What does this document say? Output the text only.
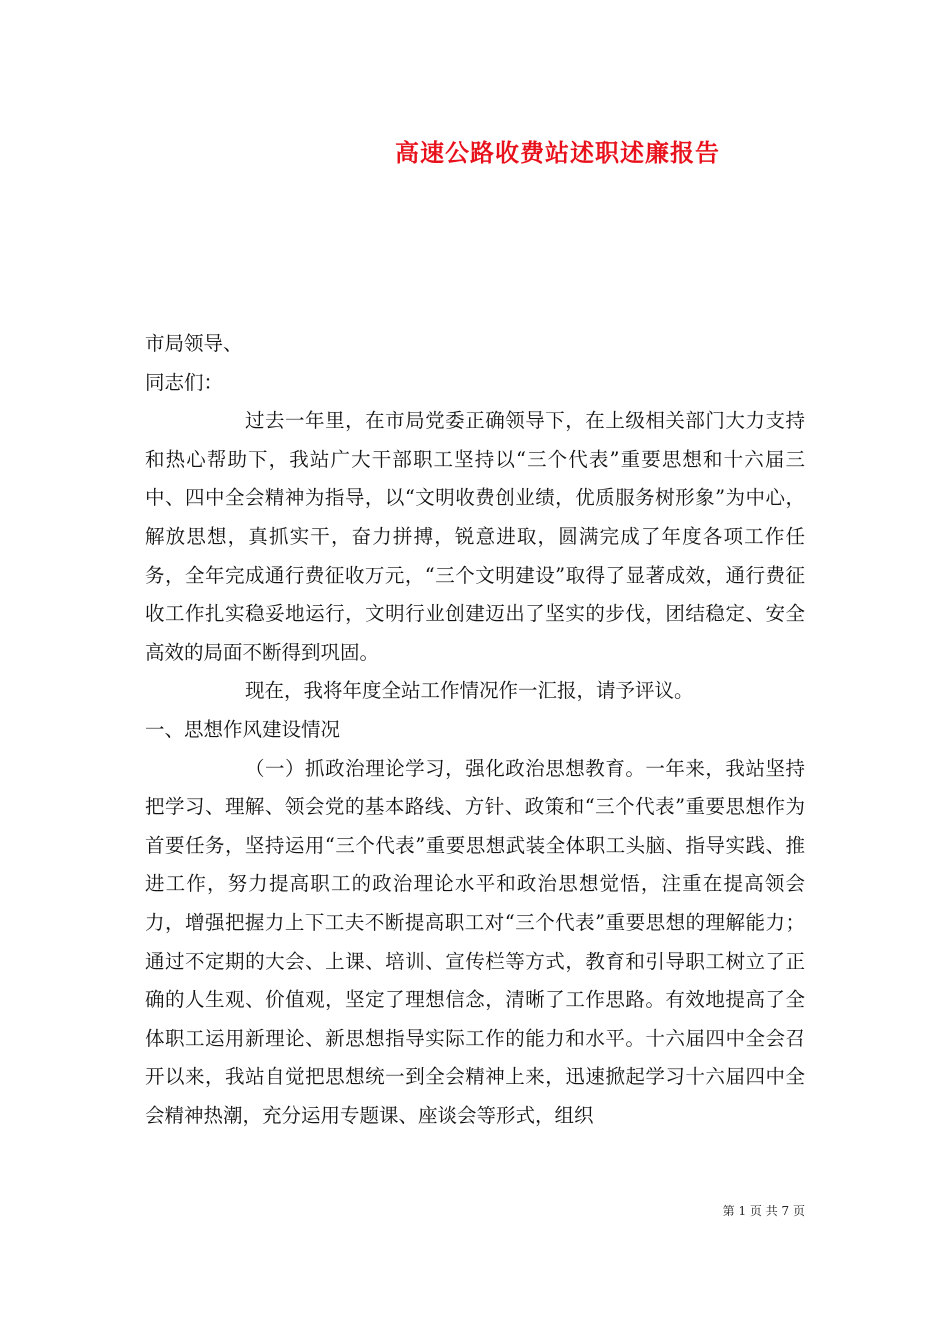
高速公路收费站述职述廉报告

市局领导、

同志们：

过去一年里，在市局党委正确领导下，在上级相关部门大力支持和热心帮助下，我站广大干部职工坚持以“三个代表”重要思想和十六届三中、四中全会精神为指导，以“文明收费创业绩，优质服务树形象”为中心，解放思想，真抓实干，奋力拼搏，锐意进取，圆满完成了年度各项工作任务，全年完成通行费征收万元，“三个文明建设”取得了显著成效，通行费征收工作扎实稳妥地运行，文明行业创建迈出了坚实的步伐，团结稳定、安全高效的局面不断得到巩固。

现在，我将年度全站工作情况作一汇报，请予评议。

一、思想作风建设情况

（一）抓政治理论学习，强化政治思想教育。一年来，我站坚持把学习、理解、领会党的基本路线、方针、政策和“三个代表”重要思想作为首要任务，坚持运用“三个代表”重要思想武装全体职工头脑、指导实践、推进工作，努力提高职工的政治理论水平和政治思想觉悟，注重在提高领会力，增强把握力上下工夫不断提高职工对“三个代表”重要思想的理解能力；通过不定期的大会、上课、培训、宣传栏等方式，教育和引导职工树立了正确的人生观、价值观，坚定了理想信念，清晰了工作思路。有效地提高了全体职工运用新理论、新思想指导实际工作的能力和水平。十六届四中全会召开以来，我站自觉把思想统一到全会精神上来，迅速掀起学习十六届四中全会精神热潮，充分运用专题课、座谈会等形式，组织

第 1 页 共 7 页
